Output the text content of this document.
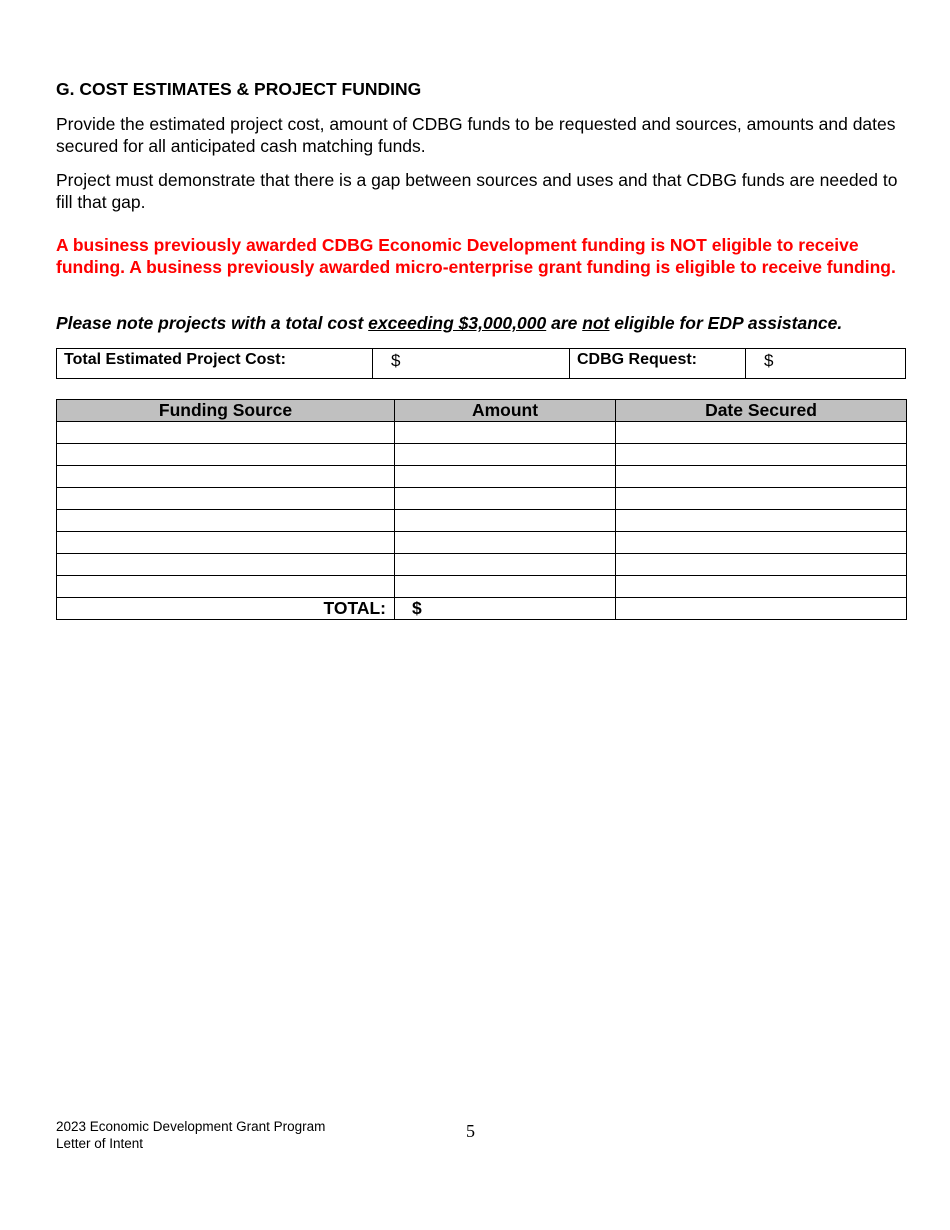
G. COST ESTIMATES & PROJECT FUNDING

Provide the estimated project cost, amount of CDBG funds to be requested and sources, amounts and dates secured for all anticipated cash matching funds.

Project must demonstrate that there is a gap between sources and uses and that CDBG funds are needed to fill that gap.

A business previously awarded CDBG Economic Development funding is NOT eligible to receive funding. A business previously awarded micro-enterprise grant funding is eligible to receive funding.

Please note projects with a total cost exceeding $3,000,000 are not eligible for EDP assistance.

Total Estimated Project Cost:	$	CDBG Request:	$
Funding Source	Amount	Date Secured

TOTAL:	$	
2023 Economic Development Grant Program
Letter of Intent
5
